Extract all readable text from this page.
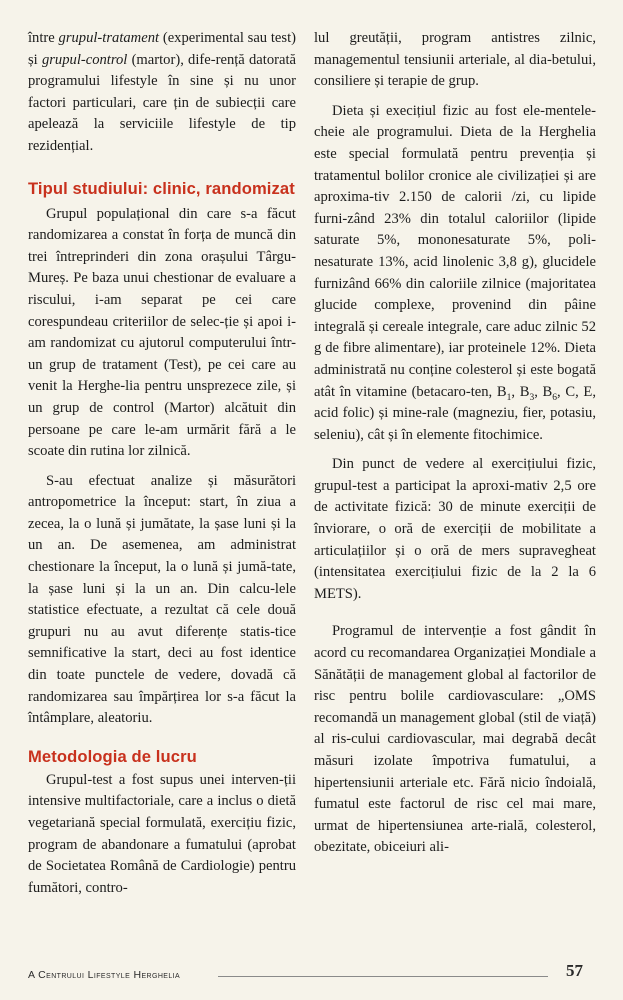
între grupul-tratament (experimental sau test) și grupul-control (martor), dife-rență datorată programului lifestyle în sine și nu unor factori particulari, care țin de subiecții care apelează la serviciile lifestyle de tip rezidențial.

Tipul studiului: clinic, randomizat

Grupul populațional din care s-a făcut randomizarea a constat în forța de muncă din trei întreprinderi din zona orașului Târgu-Mureș. Pe baza unui chestionar de evaluare a riscului, i-am separat pe cei care corespundeau criteriilor de selec-ție și apoi i-am randomizat cu ajutorul computerului într-un grup de tratament (Test), pe cei care au venit la Herghe-lia pentru unsprezece zile, și un grup de control (Martor) alcătuit din persoane pe care le-am urmărit fără a le scoate din rutina lor zilnică.

S-au efectuat analize și măsurători antropometrice la început: start, în ziua a zecea, la o lună și jumătate, la șase luni și la un an. De asemenea, am administrat chestionare la început, la o lună și jumă-tate, la șase luni și la un an. Din calcu-lele statistice efectuate, a rezultat că cele două grupuri nu au avut diferențe statis-tice semnificative la start, deci au fost identice din toate punctele de vedere, dovadă că randomizarea sau împărțirea lor s-a făcut la întâmplare, aleatoriu.

Metodologia de lucru

Grupul-test a fost supus unei interven-ții intensive multifactoriale, care a inclus o dietă vegetariană special formulată, exercițiu fizic, program de abandonare a fumatului (aprobat de Societatea Română de Cardiologie) pentru fumători, contro-

lul greutății, program antistres zilnic, managementul tensiunii arteriale, al dia-betului, consiliere și terapie de grup.

Dieta și execițiul fizic au fost ele-mentele-cheie ale programului. Dieta de la Herghelia este special formulată pentru prevenția și tratamentul bolilor cronice ale civilizației și are aproxima-tiv 2.150 de calorii /zi, cu lipide furni-zând 23% din totalul caloriilor (lipide saturate 5%, mononesaturate 5%, poli-nesaturate 13%, acid linolenic 3,8 g), glucidele furnizând 66% din caloriile zilnice (majoritatea glucide complexe, provenind din pâine integrală și cereale integrale, care aduc zilnic 52 g de fibre alimentare), iar proteinele 12%. Dieta administrată nu conține colesterol și este bogată atât în vitamine (betacaro-ten, $B_1$, $B_3$, $B_6$, C, E, acid folic) și mine-rale (magneziu, fier, potasiu, seleniu), cât și în elemente fitochimice.

Din punct de vedere al exercițiului fizic, grupul-test a participat la aproxi-mativ 2,5 ore de activitate fizică: 30 de minute exerciții de înviorare, o oră de exerciții de mobilitate a articulațiilor și o oră de mers supravegheat (intensitatea exercițiului fizic de la 2 la 6 METS).

Programul de intervenție a fost gândit în acord cu recomandarea Organizației Mondiale a Sănătății de management global al factorilor de risc pentru bolile cardiovasculare: „OMS recomandă un management global (stil de viață) al ris-cului cardiovascular, mai degrabă decât măsuri izolate împotriva fumatului, a hipertensiunii arteriale etc. Fără nicio îndoială, fumatul este factorul de risc cel mai mare, urmat de hipertensiunea arte-rială, colesterol, obezitate, obiceiuri ali-

A Centrului Lifestyle Herghelia	57
